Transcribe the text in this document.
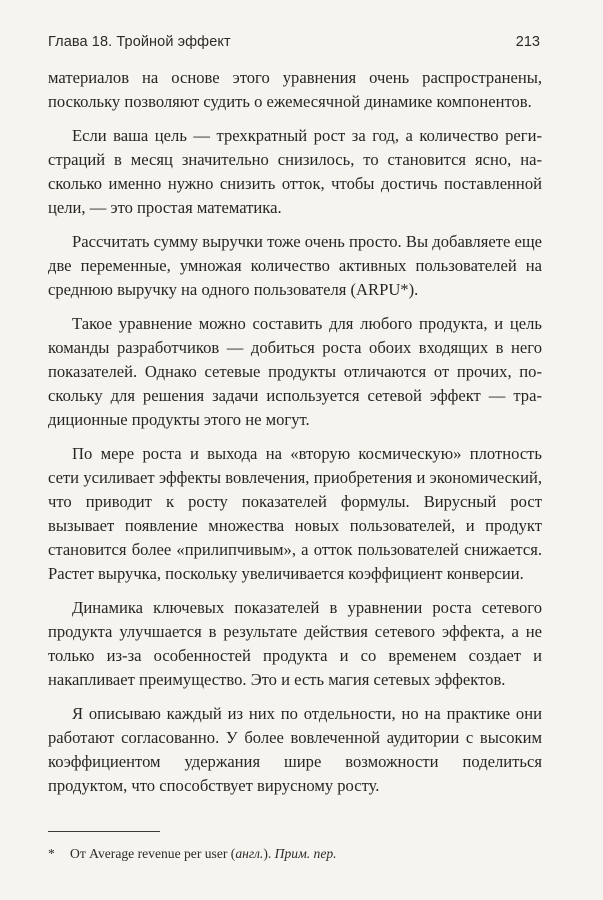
Глава 18. Тройной эффект	213

материалов на основе этого уравнения очень распространены, поскольку позволяют судить о ежемесячной динамике компонентов.

Если ваша цель — трехкратный рост за год, а количество регистраций в месяц значительно снизилось, то становится ясно, насколько именно нужно снизить отток, чтобы достичь поставленной цели, — это простая математика.

Рассчитать сумму выручки тоже очень просто. Вы добавляете еще две переменные, умножая количество активных пользователей на среднюю выручку на одного пользователя (ARPU*).

Такое уравнение можно составить для любого продукта, и цель команды разработчиков — добиться роста обоих входящих в него показателей. Однако сетевые продукты отличаются от прочих, поскольку для решения задачи используется сетевой эффект — традиционные продукты этого не могут.

По мере роста и выхода на «вторую космическую» плотность сети усиливает эффекты вовлечения, приобретения и экономический, что приводит к росту показателей формулы. Вирусный рост вызывает появление множества новых пользователей, и продукт становится более «прилипчивым», а отток пользователей снижается. Растет выручка, поскольку увеличивается коэффициент конверсии.

Динамика ключевых показателей в уравнении роста сетевого продукта улучшается в результате действия сетевого эффекта, а не только из-за особенностей продукта и со временем создает и накапливает преимущество. Это и есть магия сетевых эффектов.

Я описываю каждый из них по отдельности, но на практике они работают согласованно. У более вовлеченной аудитории с высоким коэффициентом удержания шире возможности поделиться продуктом, что способствует вирусному росту.

* От Average revenue per user (англ.). Прим. пер.
